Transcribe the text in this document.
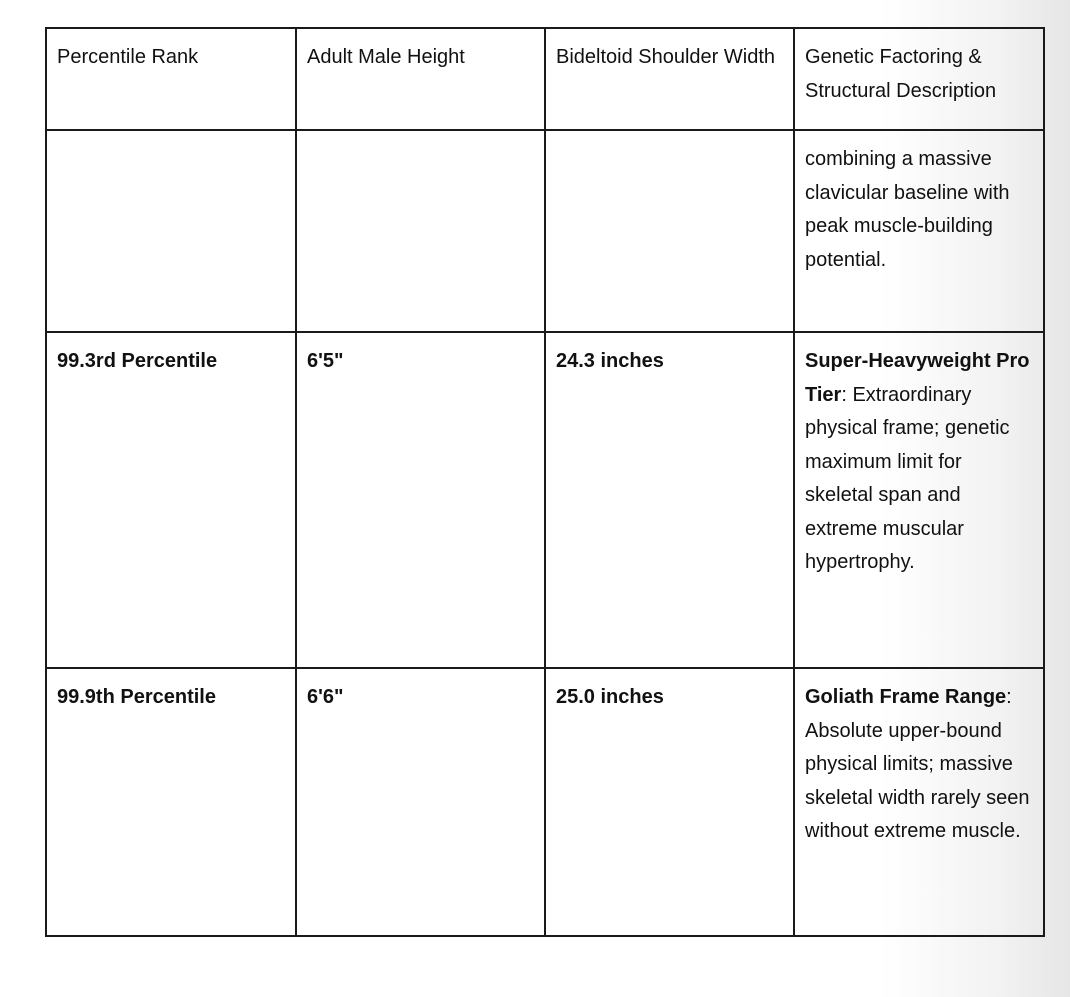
Percentile Rank	Adult Male Height	Bideltoid Shoulder Width	Genetic Factoring & Structural Description
			combining a massive clavicular baseline with peak muscle-building potential.
99.3rd Percentile	6'5"	24.3 inches	Super-Heavyweight Pro Tier: Extraordinary physical frame; genetic maximum limit for skeletal span and extreme muscular hypertrophy.
99.9th Percentile	6'6"	25.0 inches	Goliath Frame Range: Absolute upper-bound physical limits; massive skeletal width rarely seen without extreme muscle.
